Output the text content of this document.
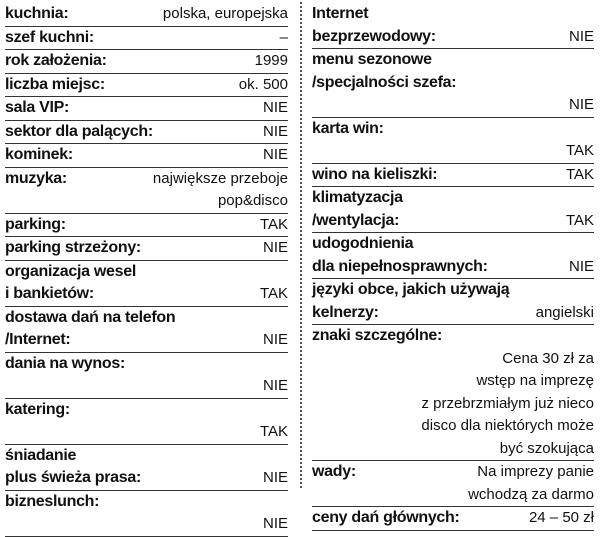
kuchnia:	polska, europejska
szef kuchni:	–
rok założenia:	1999
liczba miejsc:	ok. 500
sala VIP:	NIE
sektor dla palących:	NIE
kominek:	NIE
muzyka:	największe przeboje
pop&disco
parking:	TAK
parking strzeżony:	NIE
organizacja wesel
i bankietów:	TAK
dostawa dań na telefon
/Internet:	NIE
dania na wynos:
NIE
katering:
TAK
śniadanie
plus świeża prasa:	NIE
bizneslunch:
NIE
Internet
bezprzewodowy:	NIE
menu sezonowe
/specjalności szefa:
NIE
karta win:
TAK
wino na kieliszki:	TAK
klimatyzacja
/wentylacja:	TAK
udogodnienia
dla niepełnosprawnych:	NIE
języki obce, jakich używają
kelnerzy:	angielski
znaki szczególne:
Cena 30 zł za
wstęp na imprezę
z przebrzmiałym już nieco
disco dla niektórych może
być szokująca
wady:	Na imprezy panie
wchodzą za darmo
ceny dań głównych:	24 – 50 zł
